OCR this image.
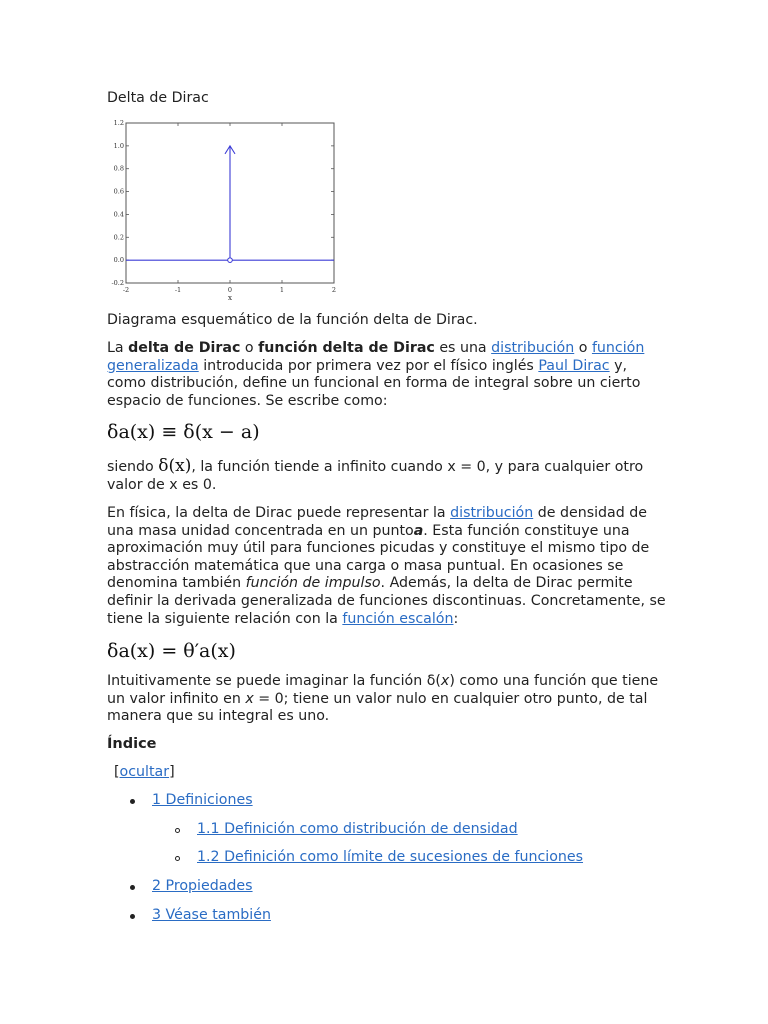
Delta de Dirac
-2	-1	0	1	2
-0.2
0.0
0.2
0.4
0.6
0.8
1.0
1.2
x
Diagrama esquemático de la función delta de Dirac.

La delta de Dirac o función delta de Dirac es una distribución o función generalizada introducida por primera vez por el físico inglés Paul Dirac y, como distribución, define un funcional en forma de integral sobre un cierto espacio de funciones. Se escribe como:

δa(x) ≡ δ(x − a)

siendo δ(x), la función tiende a infinito cuando x = 0, y para cualquier otro valor de x es 0.

En física, la delta de Dirac puede representar la distribución de densidad de una masa unidad concentrada en un puntoa. Esta función constituye una aproximación muy útil para funciones picudas y constituye el mismo tipo de abstracción matemática que una carga o masa puntual. En ocasiones se denomina también función de impulso. Además, la delta de Dirac permite definir la derivada generalizada de funciones discontinuas. Concretamente, se tiene la siguiente relación con la función escalón:

δa(x) = θ′a(x)

Intuitivamente se puede imaginar la función δ(x) como una función que tiene un valor infinito en x = 0; tiene un valor nulo en cualquier otro punto, de tal manera que su integral es uno.

Índice
[ocultar]
1 Definiciones
1.1 Definición como distribución de densidad
1.2 Definición como límite de sucesiones de funciones
2 Propiedades
3 Véase también
